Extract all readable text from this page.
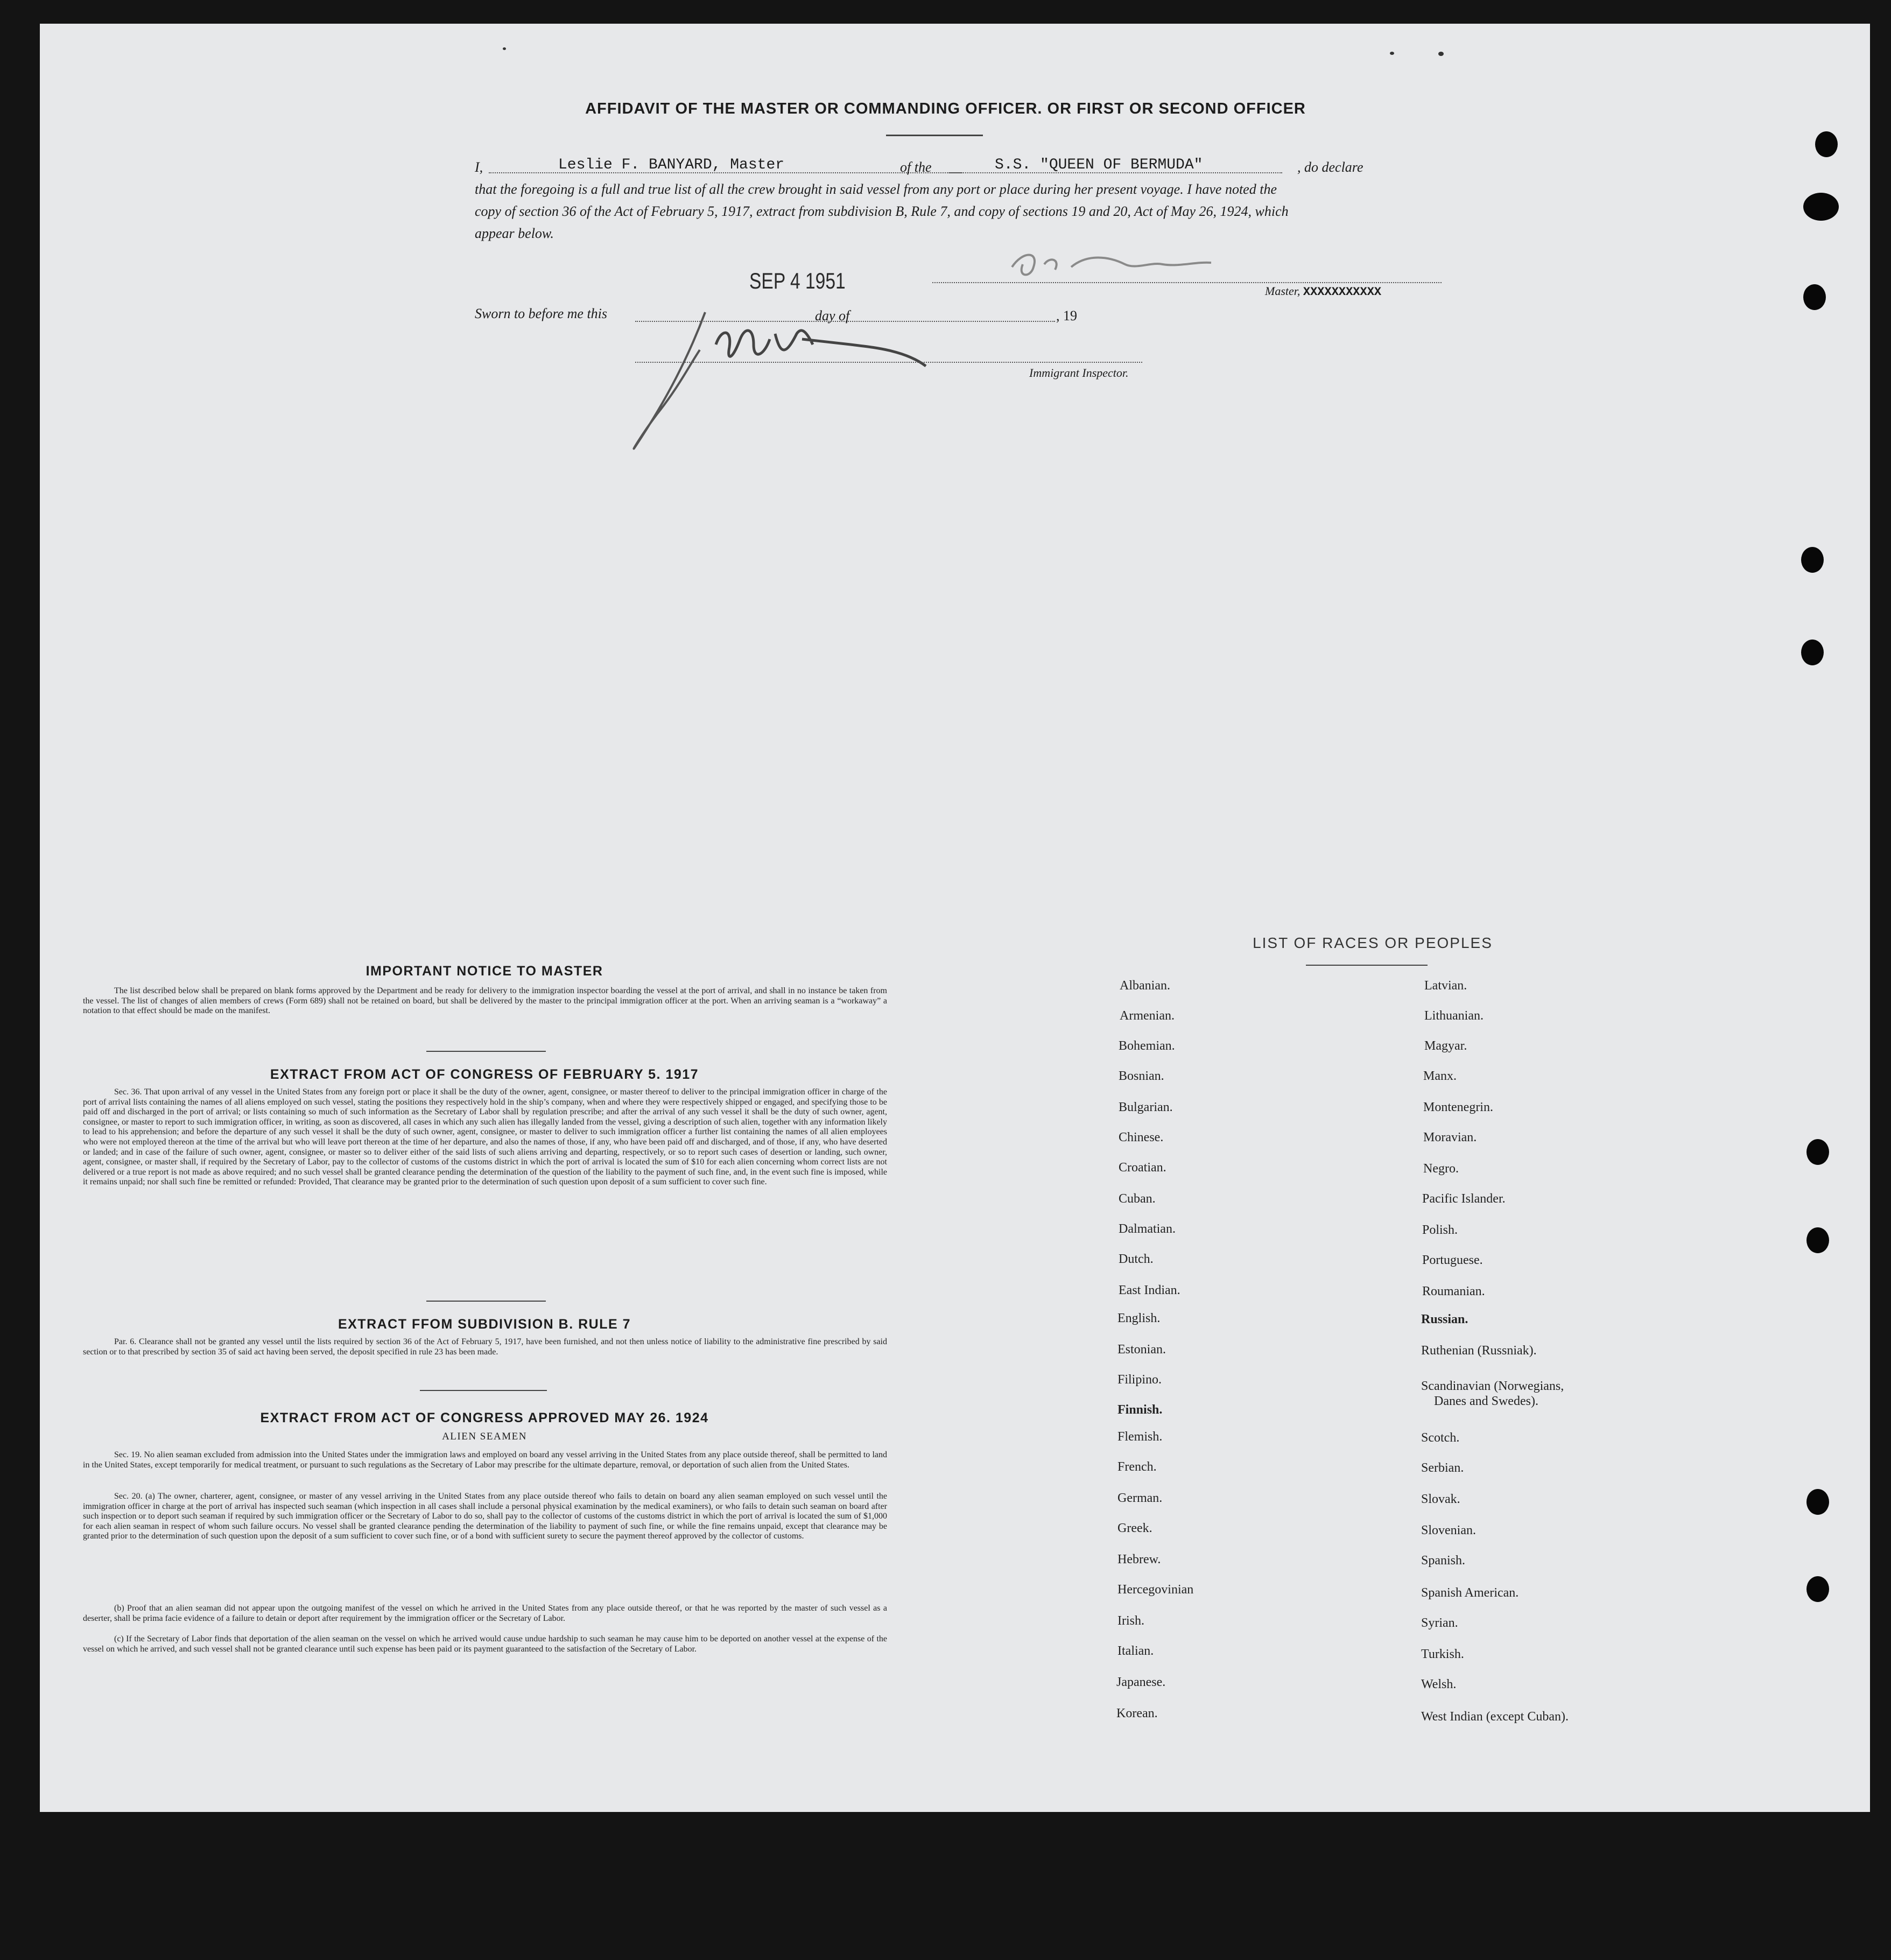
AFFIDAVIT OF THE MASTER OR COMMANDING OFFICER. OR FIRST OR SECOND OFFICER
I,	Leslie F. BANYARD, Master	of the	S.S. "QUEEN OF BERMUDA"	, do declare
that the foregoing is a full and true list of all the crew brought in said vessel from any port or place during her present voyage. I have noted the
copy of section 36 of the Act of February 5, 1917, extract from subdivision B, Rule 7, and copy of sections 19 and 20, Act of May 26, 1924, which
appear below.
SEP 4 1951	Master, XXXXXXXXXXX
Sworn to before me this	day of	, 19
Immigrant Inspector.
IMPORTANT NOTICE TO MASTER
The list described below shall be prepared on blank forms approved by the Department and be ready for delivery to the immigration inspector boarding the vessel at the port of arrival, and shall in no instance be taken from the vessel. The list of changes of alien members of crews (Form 689) shall not be retained on board, but shall be delivered by the master to the principal immigration officer at the port. When an arriving seaman is a “workaway” a notation to that effect should be made on the manifest.
EXTRACT FROM ACT OF CONGRESS OF FEBRUARY 5. 1917
Sec. 36. That upon arrival of any vessel in the United States from any foreign port or place it shall be the duty of the owner, agent, consignee, or master thereof to deliver to the principal immigration officer in charge of the port of arrival lists containing the names of all aliens employed on such vessel, stating the positions they respectively hold in the ship’s company, when and where they were respectively shipped or engaged, and specifying those to be paid off and discharged in the port of arrival; or lists containing so much of such information as the Secretary of Labor shall by regulation prescribe; and after the arrival of any such vessel it shall be the duty of such owner, agent, consignee, or master to report to such immigration officer, in writing, as soon as discovered, all cases in which any such alien has illegally landed from the vessel, giving a description of such alien, together with any information likely to lead to his apprehension; and before the departure of any such vessel it shall be the duty of such owner, agent, consignee, or master to deliver to such immigration officer a further list containing the names of all alien employees who were not employed thereon at the time of the arrival but who will leave port thereon at the time of her departure, and also the names of those, if any, who have been paid off and discharged, and of those, if any, who have deserted or landed; and in case of the failure of such owner, agent, consignee, or master so to deliver either of the said lists of such aliens arriving and departing, respectively, or so to report such cases of desertion or landing, such owner, agent, consignee, or master shall, if required by the Secretary of Labor, pay to the collector of customs of the customs district in which the port of arrival is located the sum of $10 for each alien concerning whom correct lists are not delivered or a true report is not made as above required; and no such vessel shall be granted clearance pending the determination of the question of the liability to the payment of such fine, and, in the event such fine is imposed, while it remains unpaid; nor shall such fine be remitted or refunded: Provided, That clearance may be granted prior to the determination of such question upon deposit of a sum sufficient to cover such fine.
EXTRACT FFOM SUBDIVISION B. RULE 7
Par. 6. Clearance shall not be granted any vessel until the lists required by section 36 of the Act of February 5, 1917, have been furnished, and not then unless notice of liability to the administrative fine prescribed by said section or to that prescribed by section 35 of said act having been served, the deposit specified in rule 23 has been made.
EXTRACT FROM ACT OF CONGRESS APPROVED MAY 26. 1924
ALIEN SEAMEN
Sec. 19. No alien seaman excluded from admission into the United States under the immigration laws and employed on board any vessel arriving in the United States from any place outside thereof, shall be permitted to land in the United States, except temporarily for medical treatment, or pursuant to such regulations as the Secretary of Labor may prescribe for the ultimate departure, removal, or deportation of such alien from the United States.
Sec. 20. (a) The owner, charterer, agent, consignee, or master of any vessel arriving in the United States from any place outside thereof who fails to detain on board any alien seaman employed on such vessel until the immigration officer in charge at the port of arrival has inspected such seaman (which inspection in all cases shall include a personal physical examination by the medical examiners), or who fails to detain such seaman on board after such inspection or to deport such seaman if required by such immigration officer or the Secretary of Labor to do so, shall pay to the collector of customs of the customs district in which the port of arrival is located the sum of $1,000 for each alien seaman in respect of whom such failure occurs. No vessel shall be granted clearance pending the determination of the liability to payment of such fine, or while the fine remains unpaid, except that clearance may be granted prior to the determination of such question upon the deposit of a sum sufficient to cover such fine, or of a bond with sufficient surety to secure the payment thereof approved by the collector of customs.
(b) Proof that an alien seaman did not appear upon the outgoing manifest of the vessel on which he arrived in the United States from any place outside thereof, or that he was reported by the master of such vessel as a deserter, shall be prima facie evidence of a failure to detain or deport after requirement by the immigration officer or the Secretary of Labor.
(c) If the Secretary of Labor finds that deportation of the alien seaman on the vessel on which he arrived would cause undue hardship to such seaman he may cause him to be deported on another vessel at the expense of the vessel on which he arrived, and such vessel shall not be granted clearance until such expense has been paid or its payment guaranteed to the satisfaction of the Secretary of Labor.
LIST OF RACES OR PEOPLES
Albanian.
Armenian.
Bohemian.
Bosnian.
Bulgarian.
Chinese.
Croatian.
Cuban.
Dalmatian.
Dutch.
East Indian.
English.
Estonian.
Filipino.
Finnish.
Flemish.
French.
German.
Greek.
Hebrew.
Hercegovinian
Irish.
Italian.
Japanese.
Korean.
Latvian.
Lithuanian.
Magyar.
Manx.
Montenegrin.
Moravian.
Negro.
Pacific Islander.
Polish.
Portuguese.
Roumanian.
Russian.
Ruthenian (Russniak).
Scandinavian (Norwegians,
Danes and Swedes).
Scotch.
Serbian.
Slovak.
Slovenian.
Spanish.
Spanish American.
Syrian.
Turkish.
Welsh.
West Indian (except Cuban).
